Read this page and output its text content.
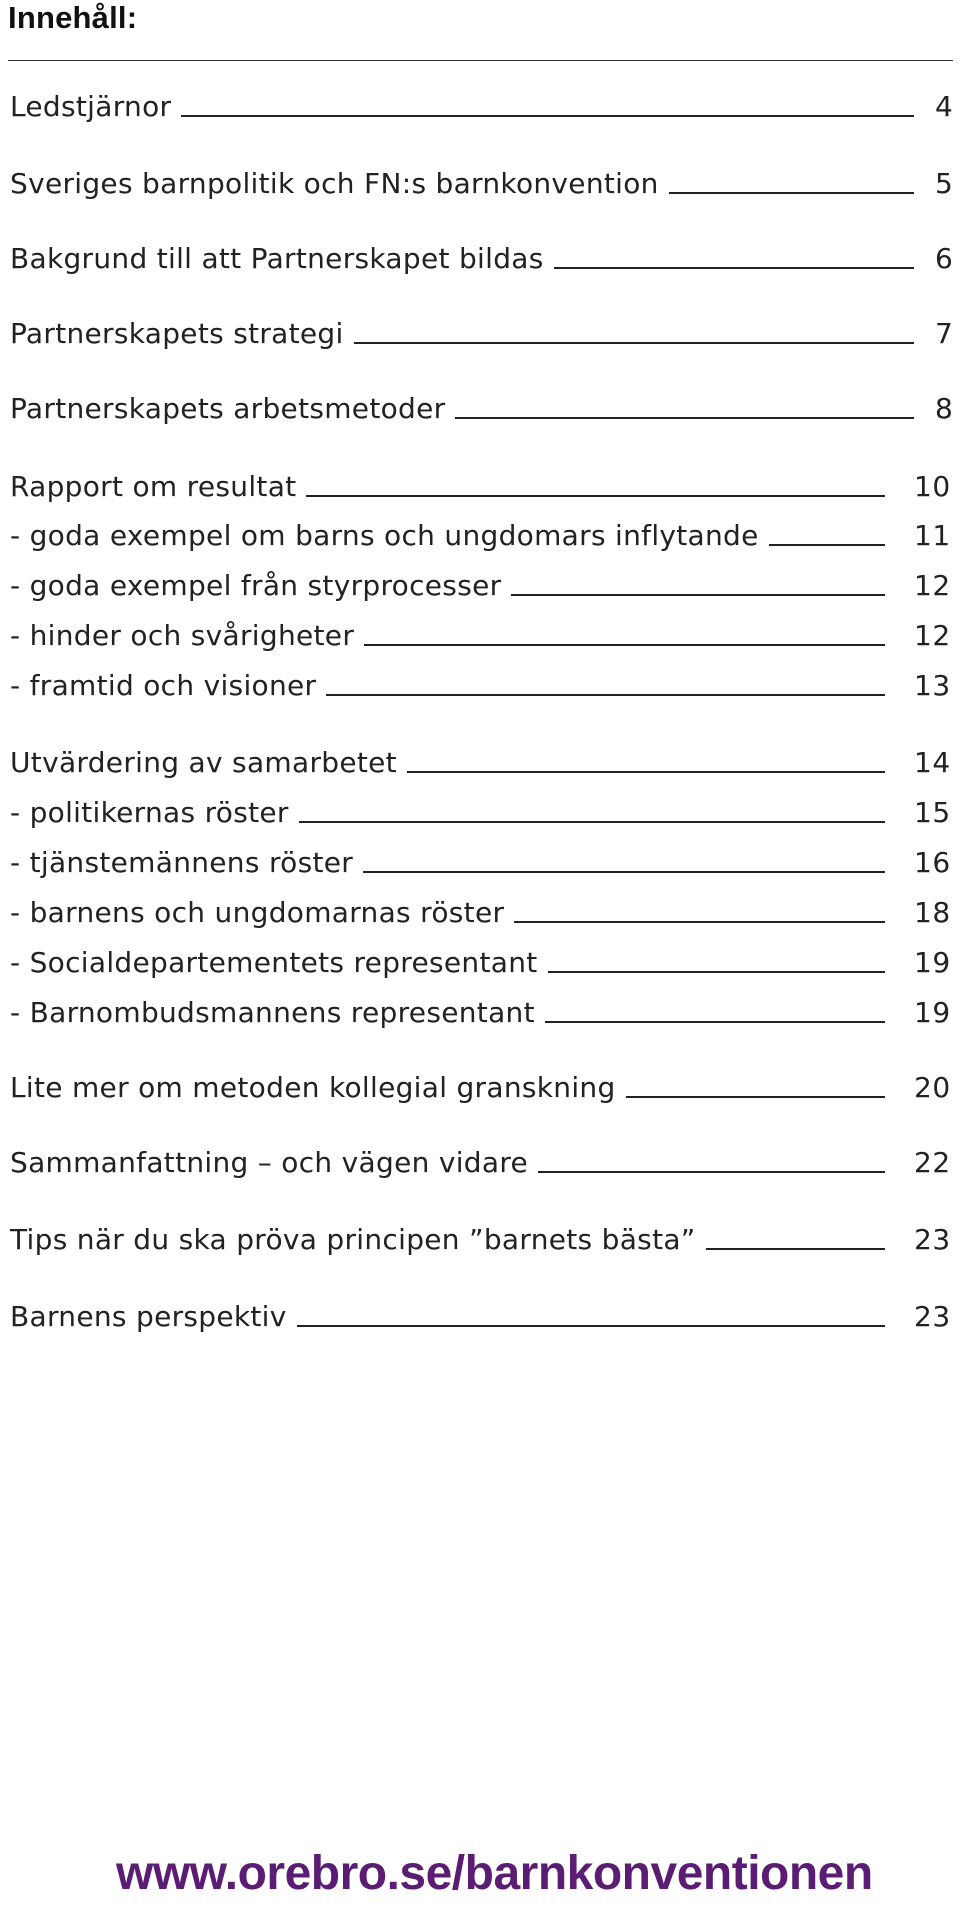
Innehåll:
Ledstjärnor	4
Sveriges barnpolitik och FN:s barnkonvention	5
Bakgrund till att Partnerskapet bildas	6
Partnerskapets strategi	7
Partnerskapets arbetsmetoder	8
Rapport om resultat	10
- goda exempel om barns och ungdomars inflytande	11
- goda exempel från styrprocesser	12
- hinder och svårigheter	12
- framtid och visioner	13
Utvärdering av samarbetet	14
- politikernas röster	15
- tjänstemännens röster	16
- barnens och ungdomarnas röster	18
- Socialdepartementets representant	19
- Barnombudsmannens representant	19
Lite mer om metoden kollegial granskning	20
Sammanfattning – och vägen vidare	22
Tips när du ska pröva principen ”barnets bästa”	23
Barnens perspektiv	23
www.orebro.se/barnkonventionen
